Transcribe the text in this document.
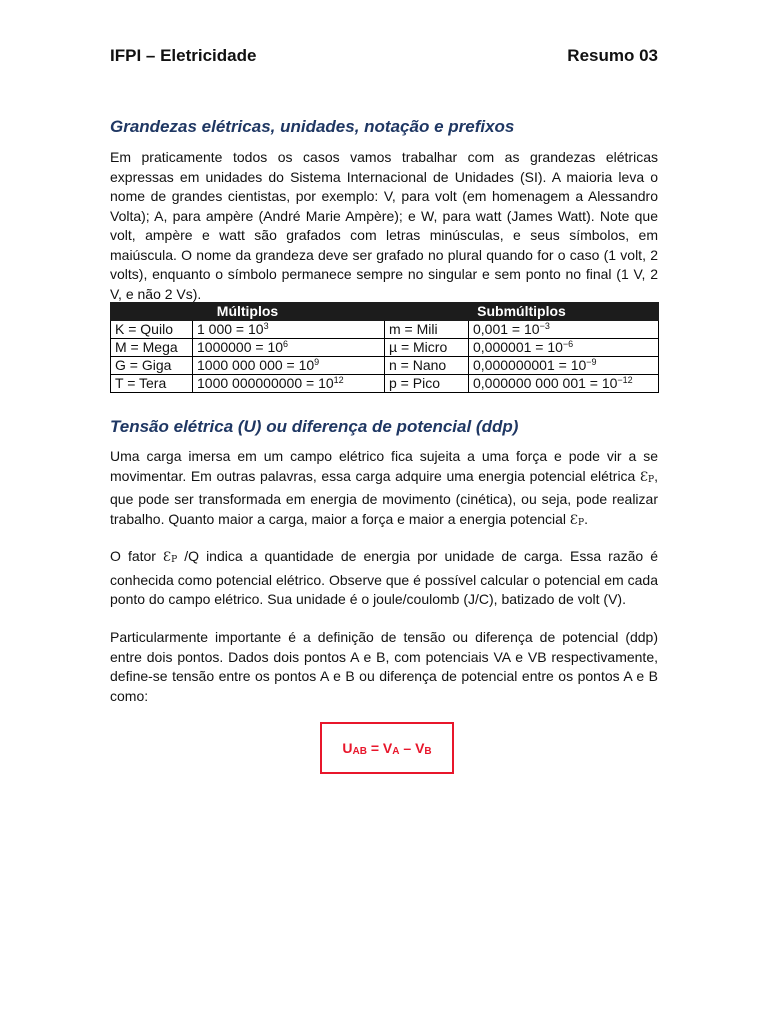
IFPI – Eletricidade	Resumo 03
Grandezas elétricas, unidades, notação e prefixos

Em praticamente todos os casos vamos trabalhar com as grandezas elétricas expressas em unidades do Sistema Internacional de Unidades (SI). A maioria leva o nome de grandes cientistas, por exemplo: V, para volt (em homenagem a Alessandro Volta); A, para ampère (André Marie Ampère); e W, para watt (James Watt). Note que volt, ampère e watt são grafados com letras minúsculas, e seus símbolos, em maiúscula. O nome da grandeza deve ser grafado no plural quando for o caso (1 volt, 2 volts), enquanto o símbolo permanece sempre no singular e sem ponto no final (1 V, 2 V, e não 2 Vs).

Múltiplos		Submúltiplos	
K = Quilo	1 $000 = 10^3$	m = Mili	$0,001 = 10^{-3}$
M = Mega	$1000000 = 10^6$	µ = Micro	$0,000001 = 10^{-6}$
G = Giga	1000 000 $000 = 10^9$	n = Nano	$0,000000001 = 10^{-9}$
T = Tera	1000 $000000000 = 10^{12}$	p = Pico	0,000000 000 $001 = 10^{-12}$
Tensão elétrica (U) ou diferença de potencial (ddp)

Uma carga imersa em um campo elétrico fica sujeita a uma força e pode vir a se movimentar. Em outras palavras, essa carga adquire uma energia potencial elétrica $Ɛ_P$, que pode ser transformada em energia de movimento (cinética), ou seja, pode realizar trabalho. Quanto maior a carga, maior a força e maior a energia potencial $Ɛ_P$.

O fator $Ɛ_P$ /Q indica a quantidade de energia por unidade de carga. Essa razão é conhecida como potencial elétrico. Observe que é possível calcular o potencial em cada ponto do campo elétrico. Sua unidade é o joule/coulomb (J/C), batizado de volt (V).

Particularmente importante é a definição de tensão ou diferença de potencial (ddp) entre dois pontos. Dados dois pontos A e B, com potenciais VA e VB respectivamente, define-se tensão entre os pontos A e B ou diferença de potencial entre os pontos A e B como:

UAB = VA – VB
